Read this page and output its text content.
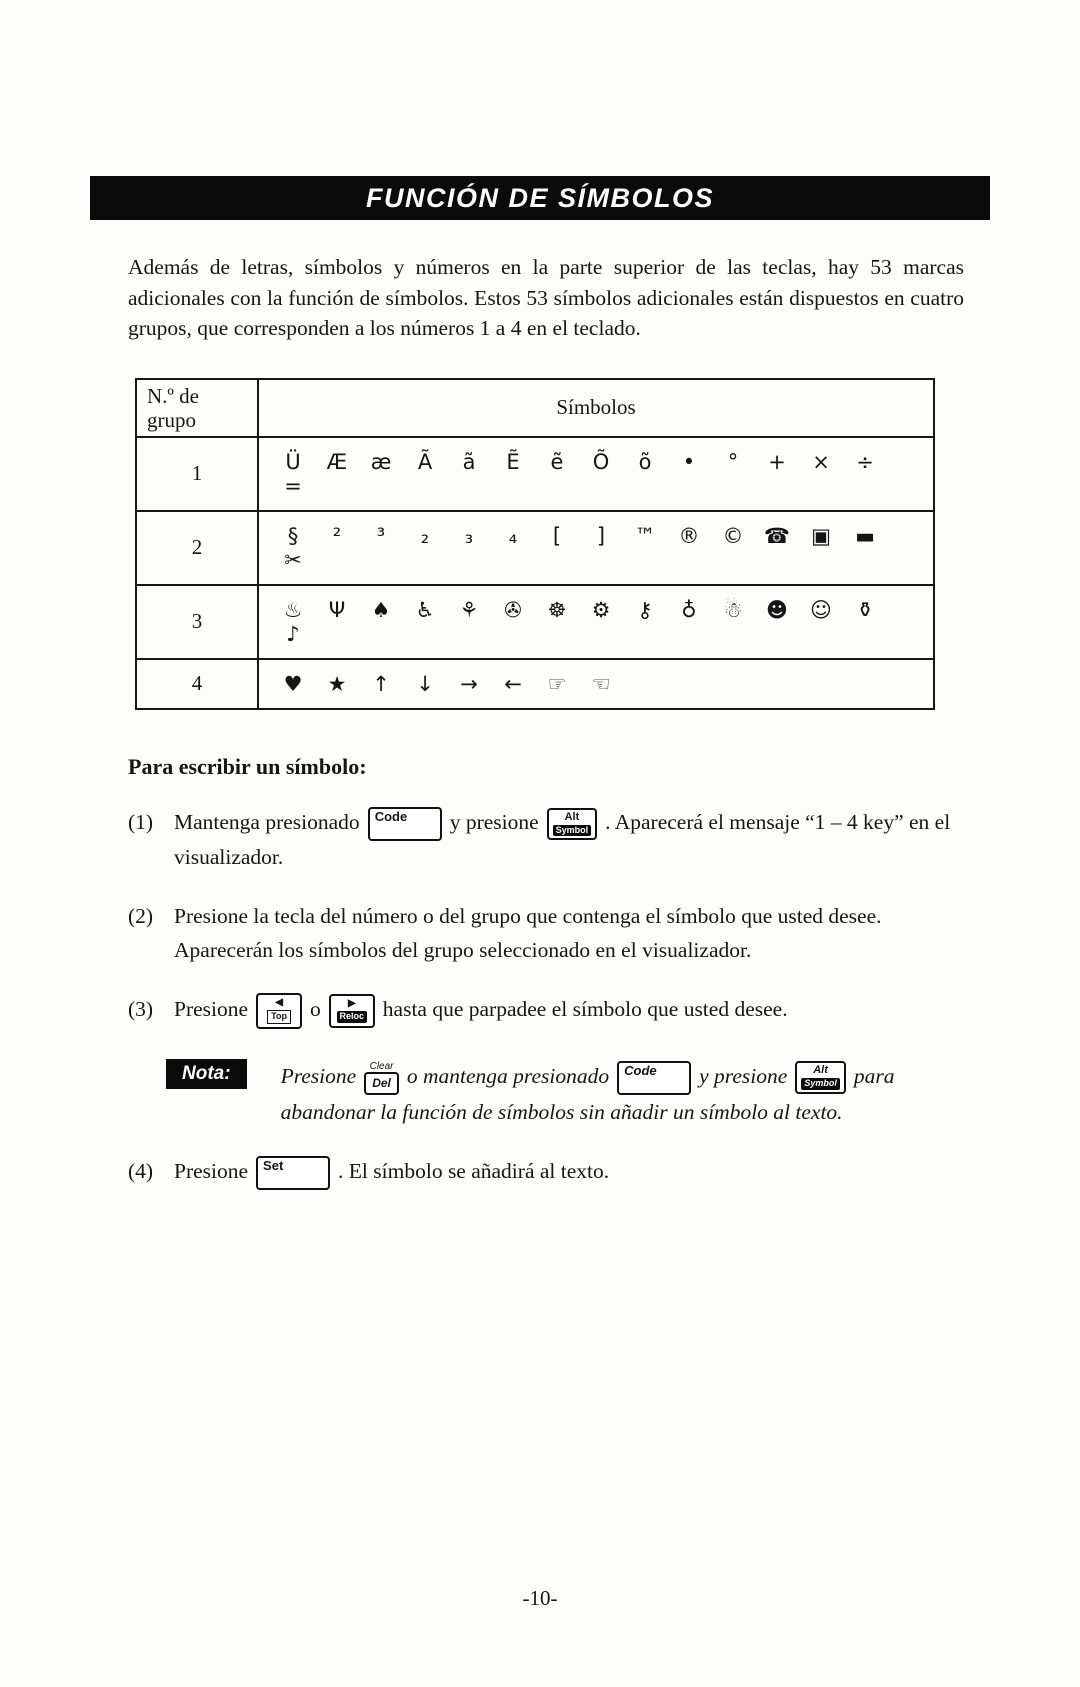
FUNCIÓN DE SÍMBOLOS

Además de letras, símbolos y números en la parte superior de las teclas, hay 53 marcas adicionales con la función de símbolos. Estos 53 símbolos adicionales están dispuestos en cuatro grupos, que corresponden a los números 1 a 4 en el teclado.

N.º de
grupo	Símbolos
1	Ü Æ æ Ã ã Ẽ ẽ Õ õ • ° + × ÷=
2	§ ² ³ ₂ ₃ ₄ [ ] ™ ® © ☎ ▣ ▬✂
3	♨ Ψ ♠ ♿ ⚘ ✇ ☸ ⚙ ⚷ ♁ ☃ ☻ ☺ ⚱♪
4	♥ ★ ↑ ↓ → ← ☞ ☜
Para escribir un símbolo:
(1) Mantenga presionado Code y presione Alt
Symbol . Aparecerá el mensaje “1 – 4 key” en el visualizador.
(2) Presione la tecla del número o del grupo que contenga el símbolo que usted desee. Aparecerán los símbolos del grupo seleccionado en el visualizador.
(3) Presione	◀
Top o	▶
Reloc hasta que parpadee el símbolo que usted desee.
Nota:	Presione Clear
Del o mantenga presionado Code y presione Alt
Symbol para abandonar la función de símbolos sin añadir un símbolo al texto.
(4) Presione Set	. El símbolo se añadirá al texto.
-10-
